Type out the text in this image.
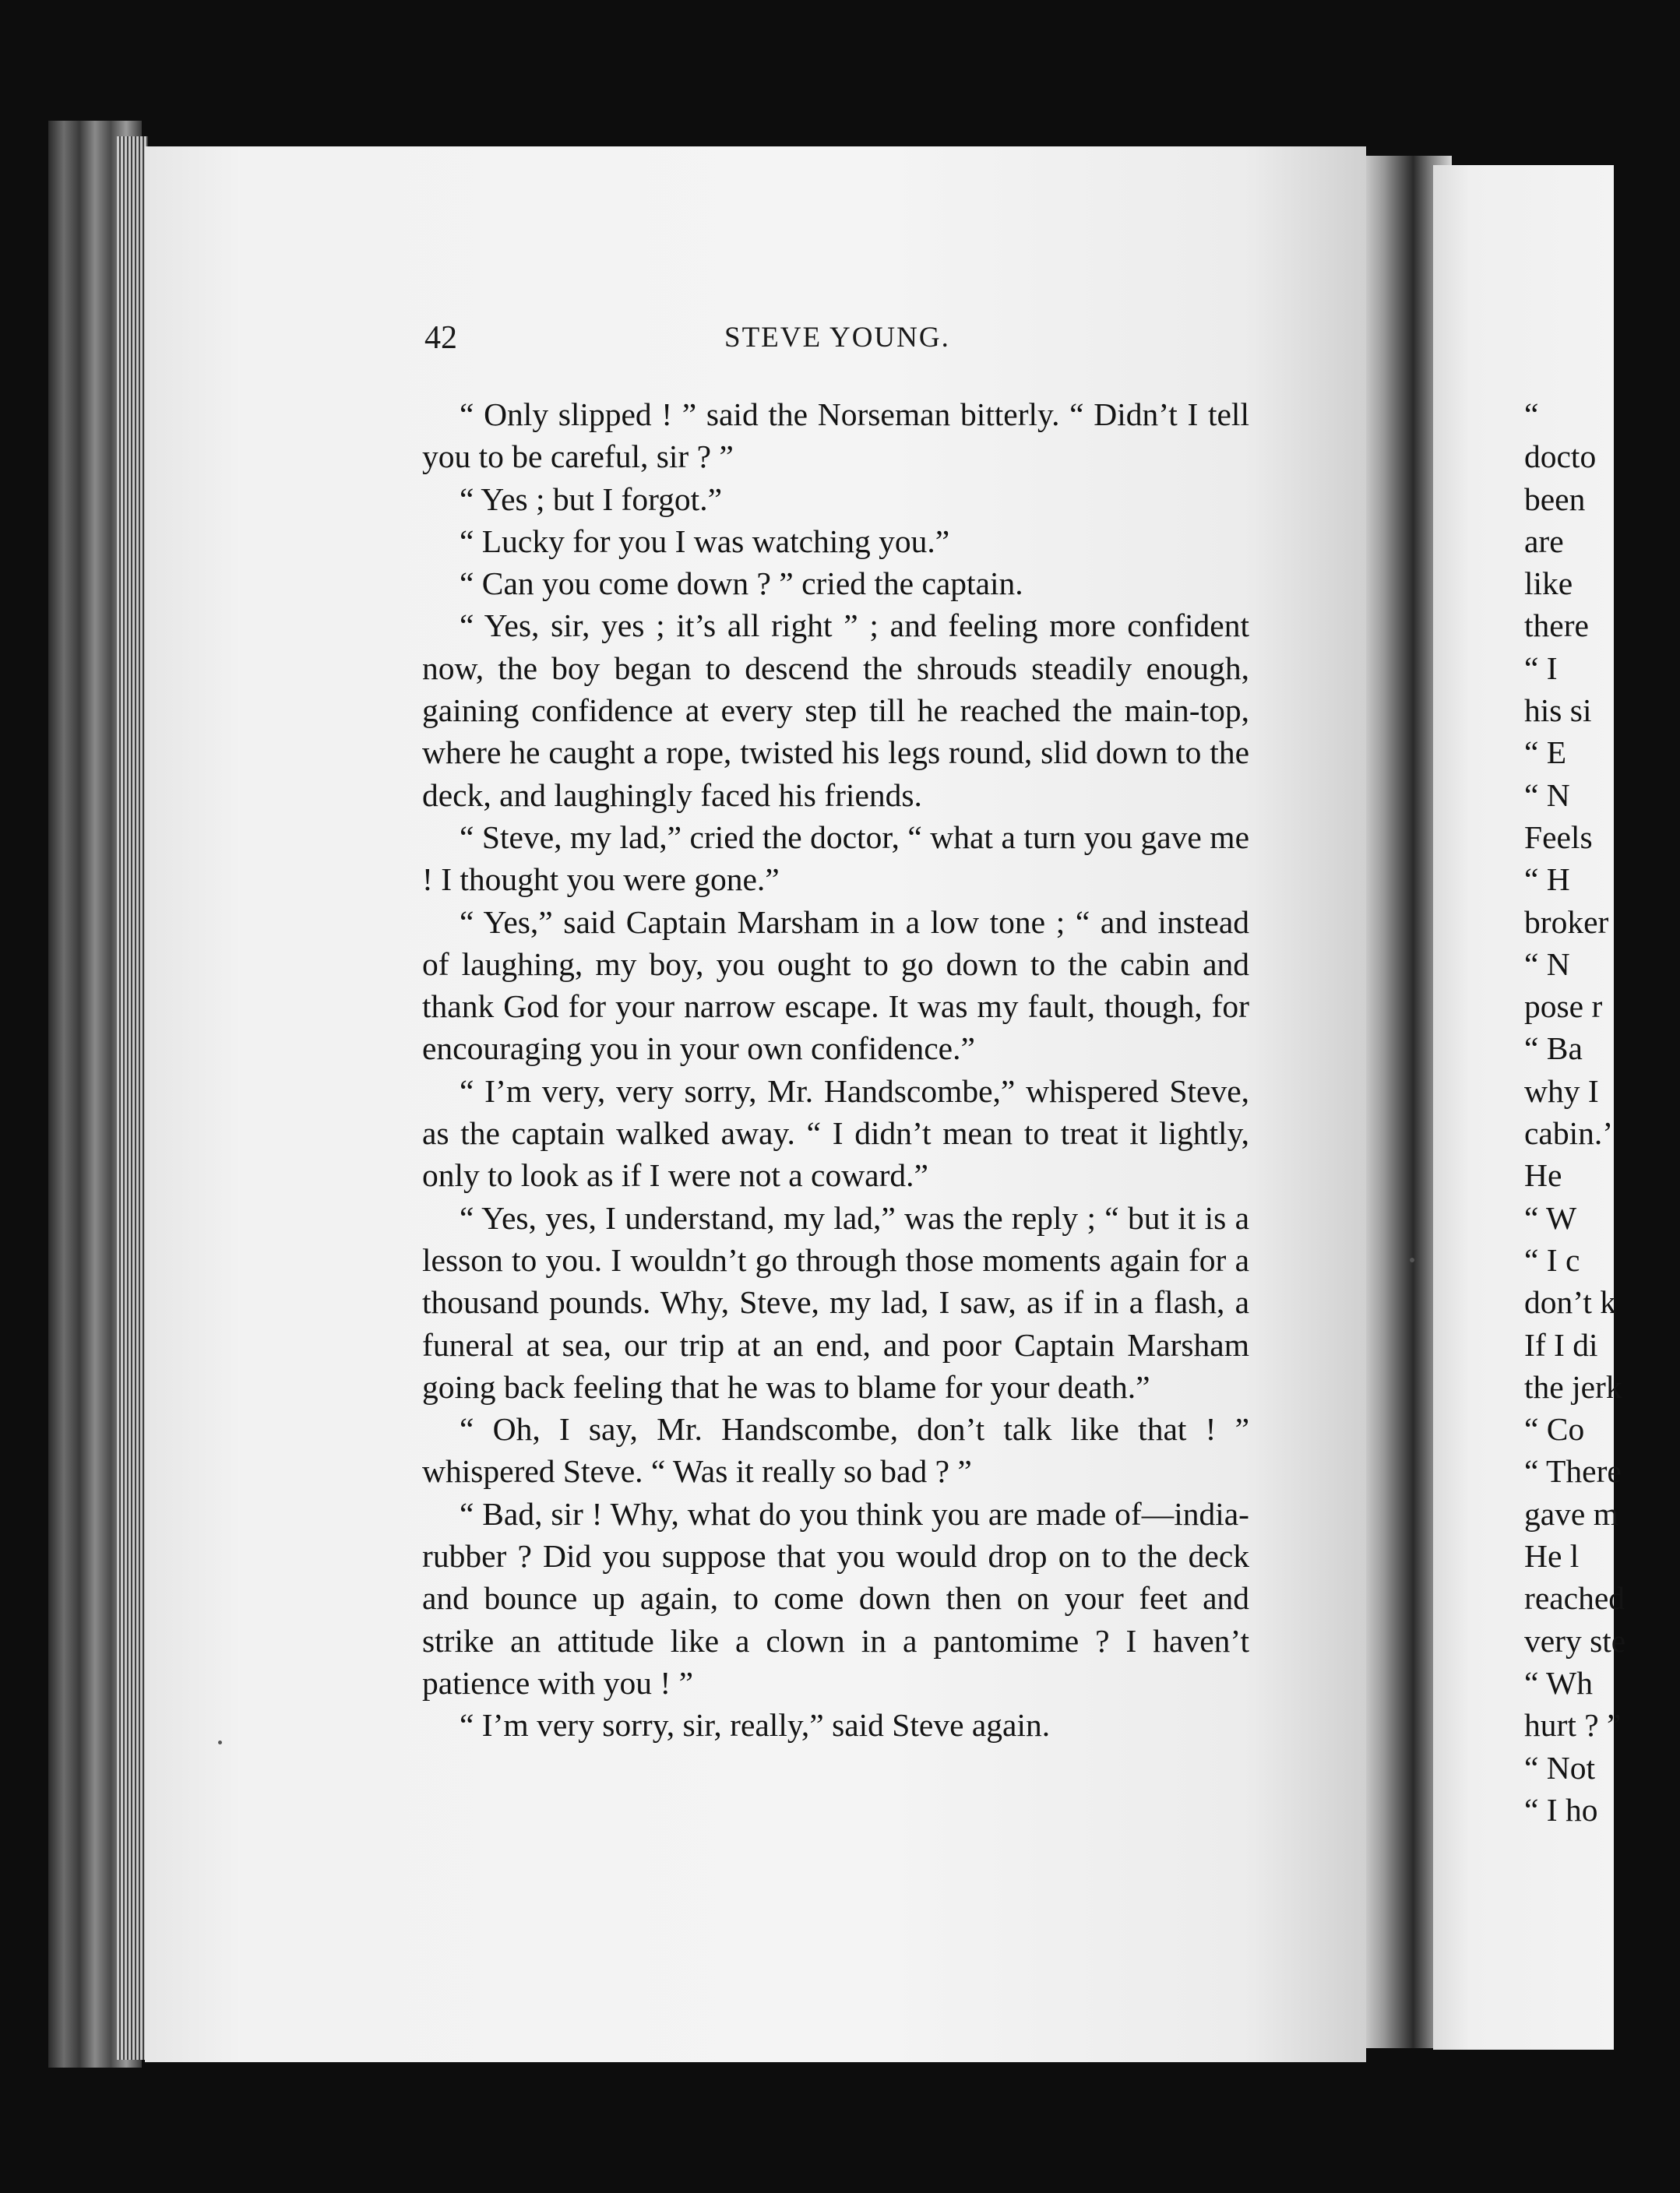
42	STEVE YOUNG.

“ Only slipped ! ” said the Norseman bitterly. “ Didn’t I tell you to be careful, sir ? ”

“ Yes ; but I forgot.”

“ Lucky for you I was watching you.”

“ Can you come down ? ” cried the captain.

“ Yes, sir, yes ; it’s all right ” ; and feeling more confident now, the boy began to descend the shrouds steadily enough, gaining confidence at every step till he reached the main-top, where he caught a rope, twisted his legs round, slid down to the deck, and laughingly faced his friends.

“ Steve, my lad,” cried the doctor, “ what a turn you gave me ! I thought you were gone.”

“ Yes,” said Captain Marsham in a low tone ; “ and instead of laughing, my boy, you ought to go down to the cabin and thank God for your narrow escape. It was my fault, though, for encouraging you in your own confidence.”

“ I’m very, very sorry, Mr. Handscombe,” whispered Steve, as the captain walked away. “ I didn’t mean to treat it lightly, only to look as if I were not a coward.”

“ Yes, yes, I understand, my lad,” was the reply ; “ but it is a lesson to you. I wouldn’t go through those moments again for a thousand pounds. Why, Steve, my lad, I saw, as if in a flash, a funeral at sea, our trip at an end, and poor Captain Marsham going back feeling that he was to blame for your death.”

“ Oh, I say, Mr. Handscombe, don’t talk like that ! ” whispered Steve. “ Was it really so bad ? ”

“ Bad, sir ! Why, what do you think you are made of—india-rubber ? Did you suppose that you would drop on to the deck and bounce up again, to come down then on your feet and strike an attitude like a clown in a pantomime ? I haven’t patience with you ! ”

“ I’m very sorry, sir, really,” said Steve again.

“
docto
been
are
like
there
“ I
his si
“ E
“ N
Feels
“ H
broker
“ N
pose r
“ Ba
why I
cabin.’
He
“ W
“ I c
don’t k
If I di
the jerk
“ Co
“ There
gave m
He l
reached
very ste
“ Wh
hurt ? ”
“ Not
“ I ho
